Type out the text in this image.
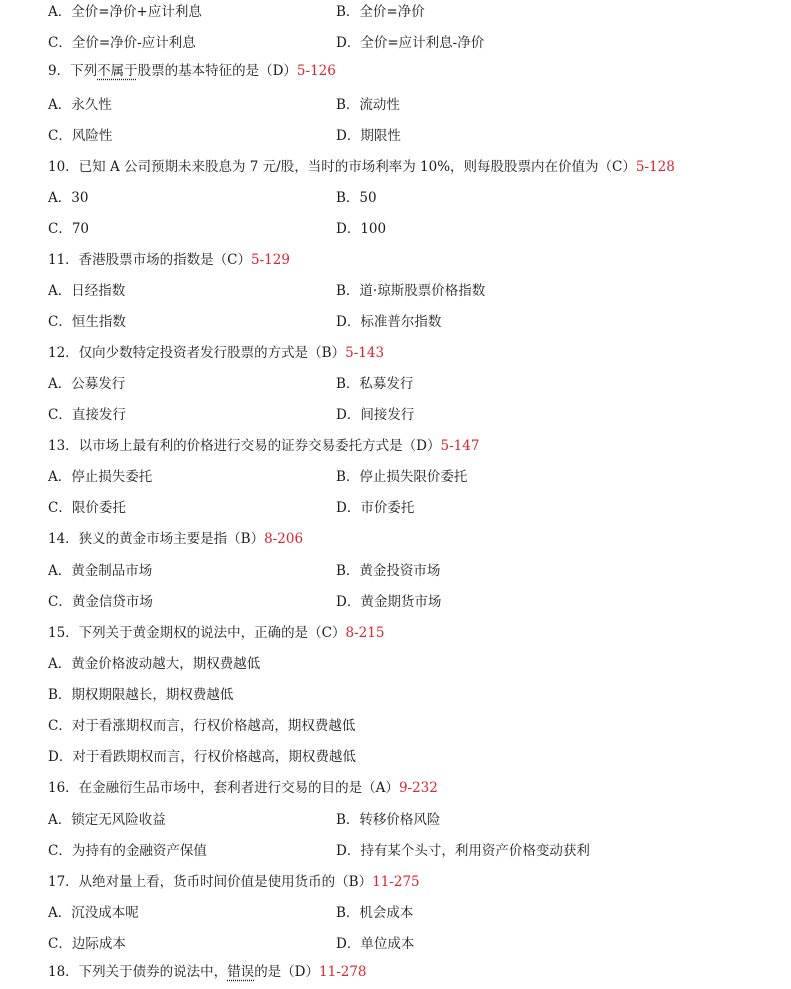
A．全价=净价+应计利息	B．全价=净价
C．全价=净价-应计利息	D．全价=应计利息-净价
9．下列不属于股票的基本特征的是（D）5-126
A．永久性	B．流动性
C．风险性	D．期限性
10．已知 A 公司预期未来股息为 7 元/股，当时的市场利率为 10%，则每股股票内在价值为（C）5-128
A．30	B．50
C．70	D．100
11．香港股票市场的指数是（C）5-129
A．日经指数	B．道·琼斯股票价格指数
C．恒生指数	D．标准普尔指数
12．仅向少数特定投资者发行股票的方式是（B）5-143
A．公募发行	B．私募发行
C．直接发行	D．间接发行
13．以市场上最有利的价格进行交易的证券交易委托方式是（D）5-147
A．停止损失委托	B．停止损失限价委托
C．限价委托	D．市价委托
14．狭义的黄金市场主要是指（B）8-206
A．黄金制品市场	B．黄金投资市场
C．黄金信贷市场	D．黄金期货市场
15．下列关于黄金期权的说法中，正确的是（C）8-215
A．黄金价格波动越大，期权费越低
B．期权期限越长，期权费越低
C．对于看涨期权而言，行权价格越高，期权费越低
D．对于看跌期权而言，行权价格越高，期权费越低
16．在金融衍生品市场中，套利者进行交易的目的是（A）9-232
A．锁定无风险收益	B．转移价格风险
C．为持有的金融资产保值	D．持有某个头寸，利用资产价格变动获利
17．从绝对量上看，货币时间价值是使用货币的（B）11-275
A．沉没成本呢	B．机会成本
C．边际成本	D．单位成本
18．下列关于债券的说法中，错误的是（D）11-278
